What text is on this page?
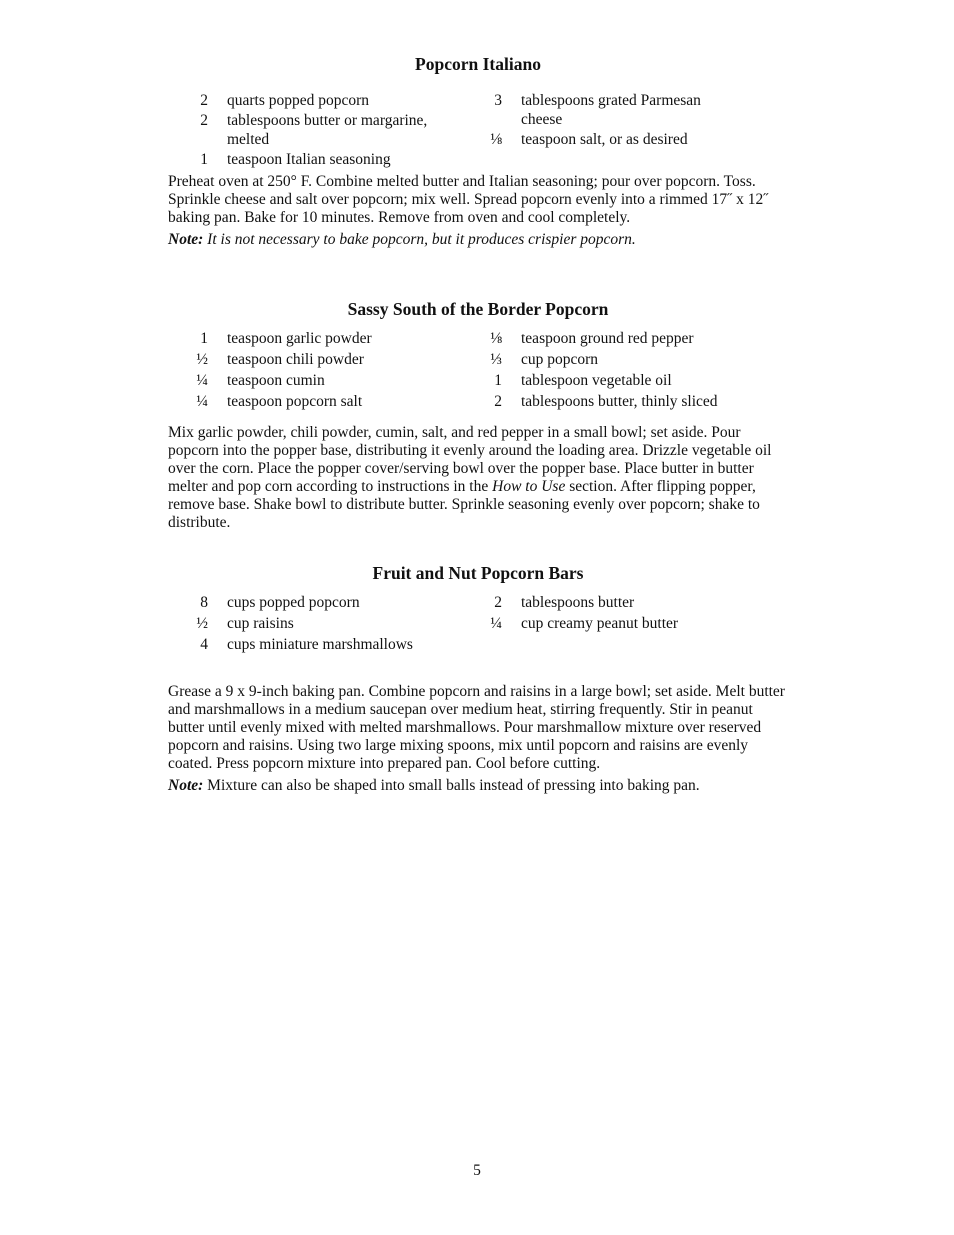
Popcorn Italiano
2 quarts popped popcorn
2 tablespoons butter or margarine, melted
1 teaspoon Italian seasoning
3 tablespoons grated Parmesan cheese
⅛ teaspoon salt, or as desired

Preheat oven at 250° F. Combine melted butter and Italian seasoning; pour over popcorn. Toss. Sprinkle cheese and salt over popcorn; mix well. Spread popcorn evenly into a rimmed 17˝ x 12˝ baking pan. Bake for 10 minutes. Remove from oven and cool completely.

Note: It is not necessary to bake popcorn, but it produces crispier popcorn.

Sassy South of the Border Popcorn
1 teaspoon garlic powder
½ teaspoon chili powder
¼ teaspoon cumin
¼ teaspoon popcorn salt
⅛ teaspoon ground red pepper
⅓ cup popcorn
1 tablespoon vegetable oil
2 tablespoons butter, thinly sliced

Mix garlic powder, chili powder, cumin, salt, and red pepper in a small bowl; set aside. Pour popcorn into the popper base, distributing it evenly around the loading area. Drizzle vegetable oil over the corn. Place the popper cover/serving bowl over the popper base. Place butter in butter melter and pop corn according to instructions in the How to Use section. After flipping popper, remove base. Shake bowl to distribute butter. Sprinkle seasoning evenly over popcorn; shake to distribute.

Fruit and Nut Popcorn Bars
8 cups popped popcorn
½ cup raisins
4 cups miniature marshmallows
2 tablespoons butter
¼ cup creamy peanut butter

Grease a 9 x 9-inch baking pan. Combine popcorn and raisins in a large bowl; set aside. Melt butter and marshmallows in a medium saucepan over medium heat, stirring frequently. Stir in peanut butter until evenly mixed with melted marshmallows. Pour marshmallow mixture over reserved popcorn and raisins. Using two large mixing spoons, mix until popcorn and raisins are evenly coated. Press popcorn mixture into prepared pan. Cool before cutting.

Note: Mixture can also be shaped into small balls instead of pressing into baking pan.

5
